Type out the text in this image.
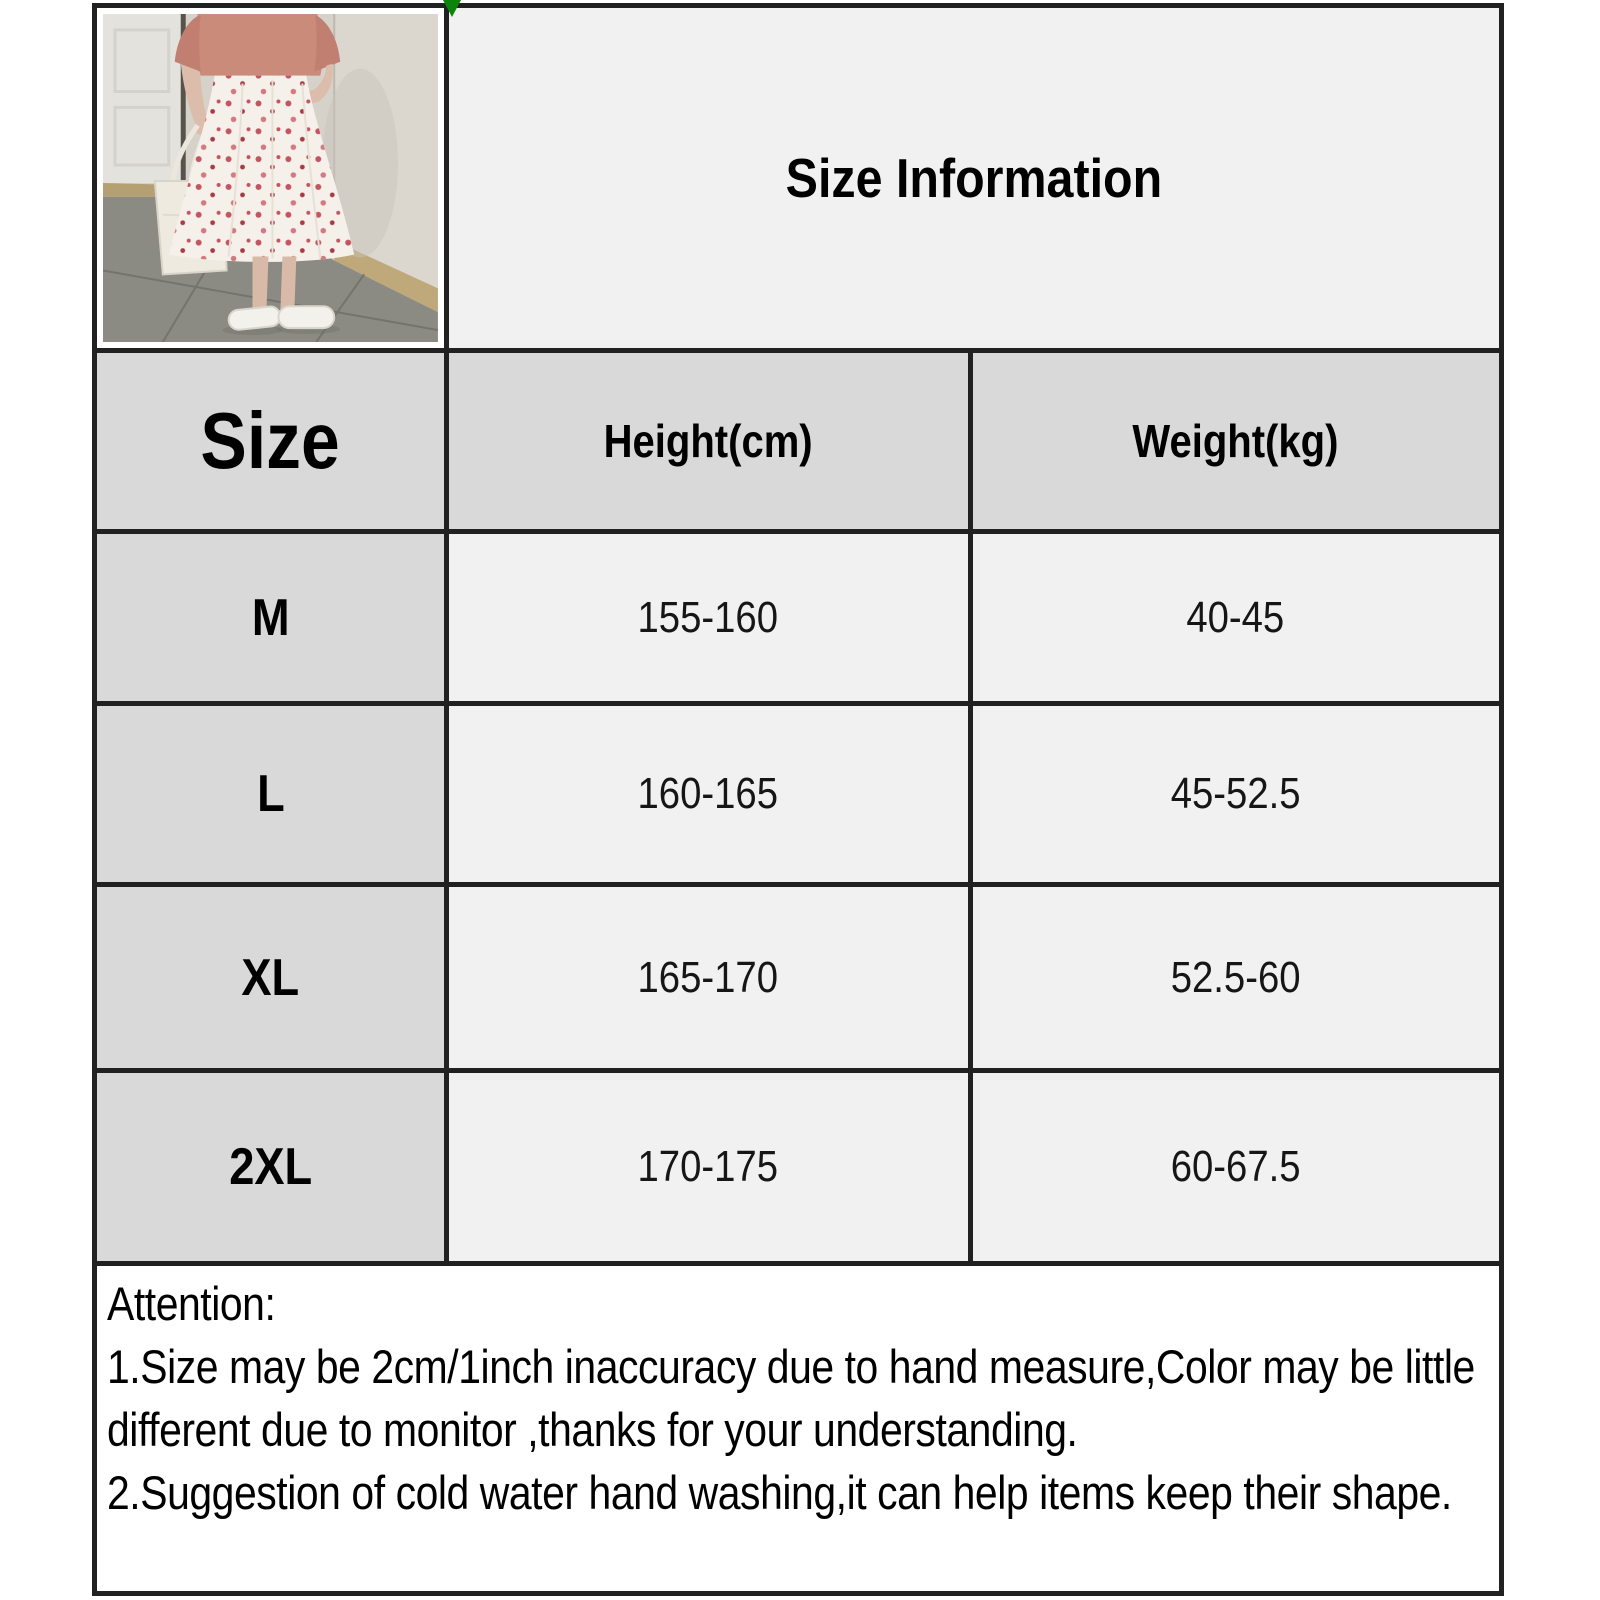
Size Information
Size	Height(cm)	Weight(kg)
M	155-160	40-45
L	160-165	45-52.5
XL	165-170	52.5-60
2XL	170-175	60-67.5
Attention:
1.Size may be 2cm/1inch inaccuracy due to hand measure,Color may be little
different due to monitor ,thanks for your understanding.
2.Suggestion of cold water hand washing,it can help items keep their shape.
